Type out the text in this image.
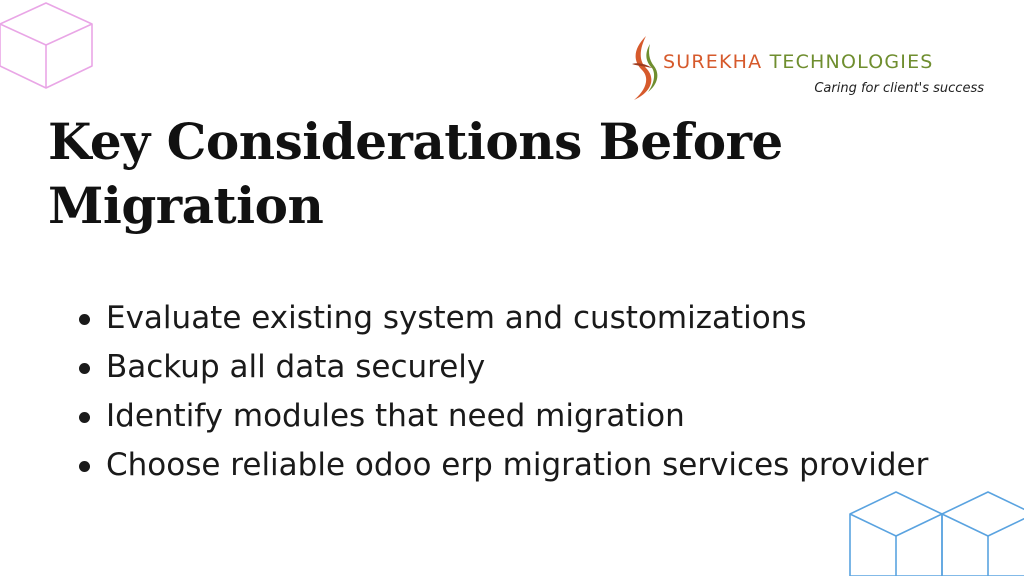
SUREKHA TECHNOLOGIES
Caring for client's success
Key Considerations Before Migration
Evaluate existing system and customizations
Backup all data securely
Identify modules that need migration
Choose reliable odoo erp migration services provider
